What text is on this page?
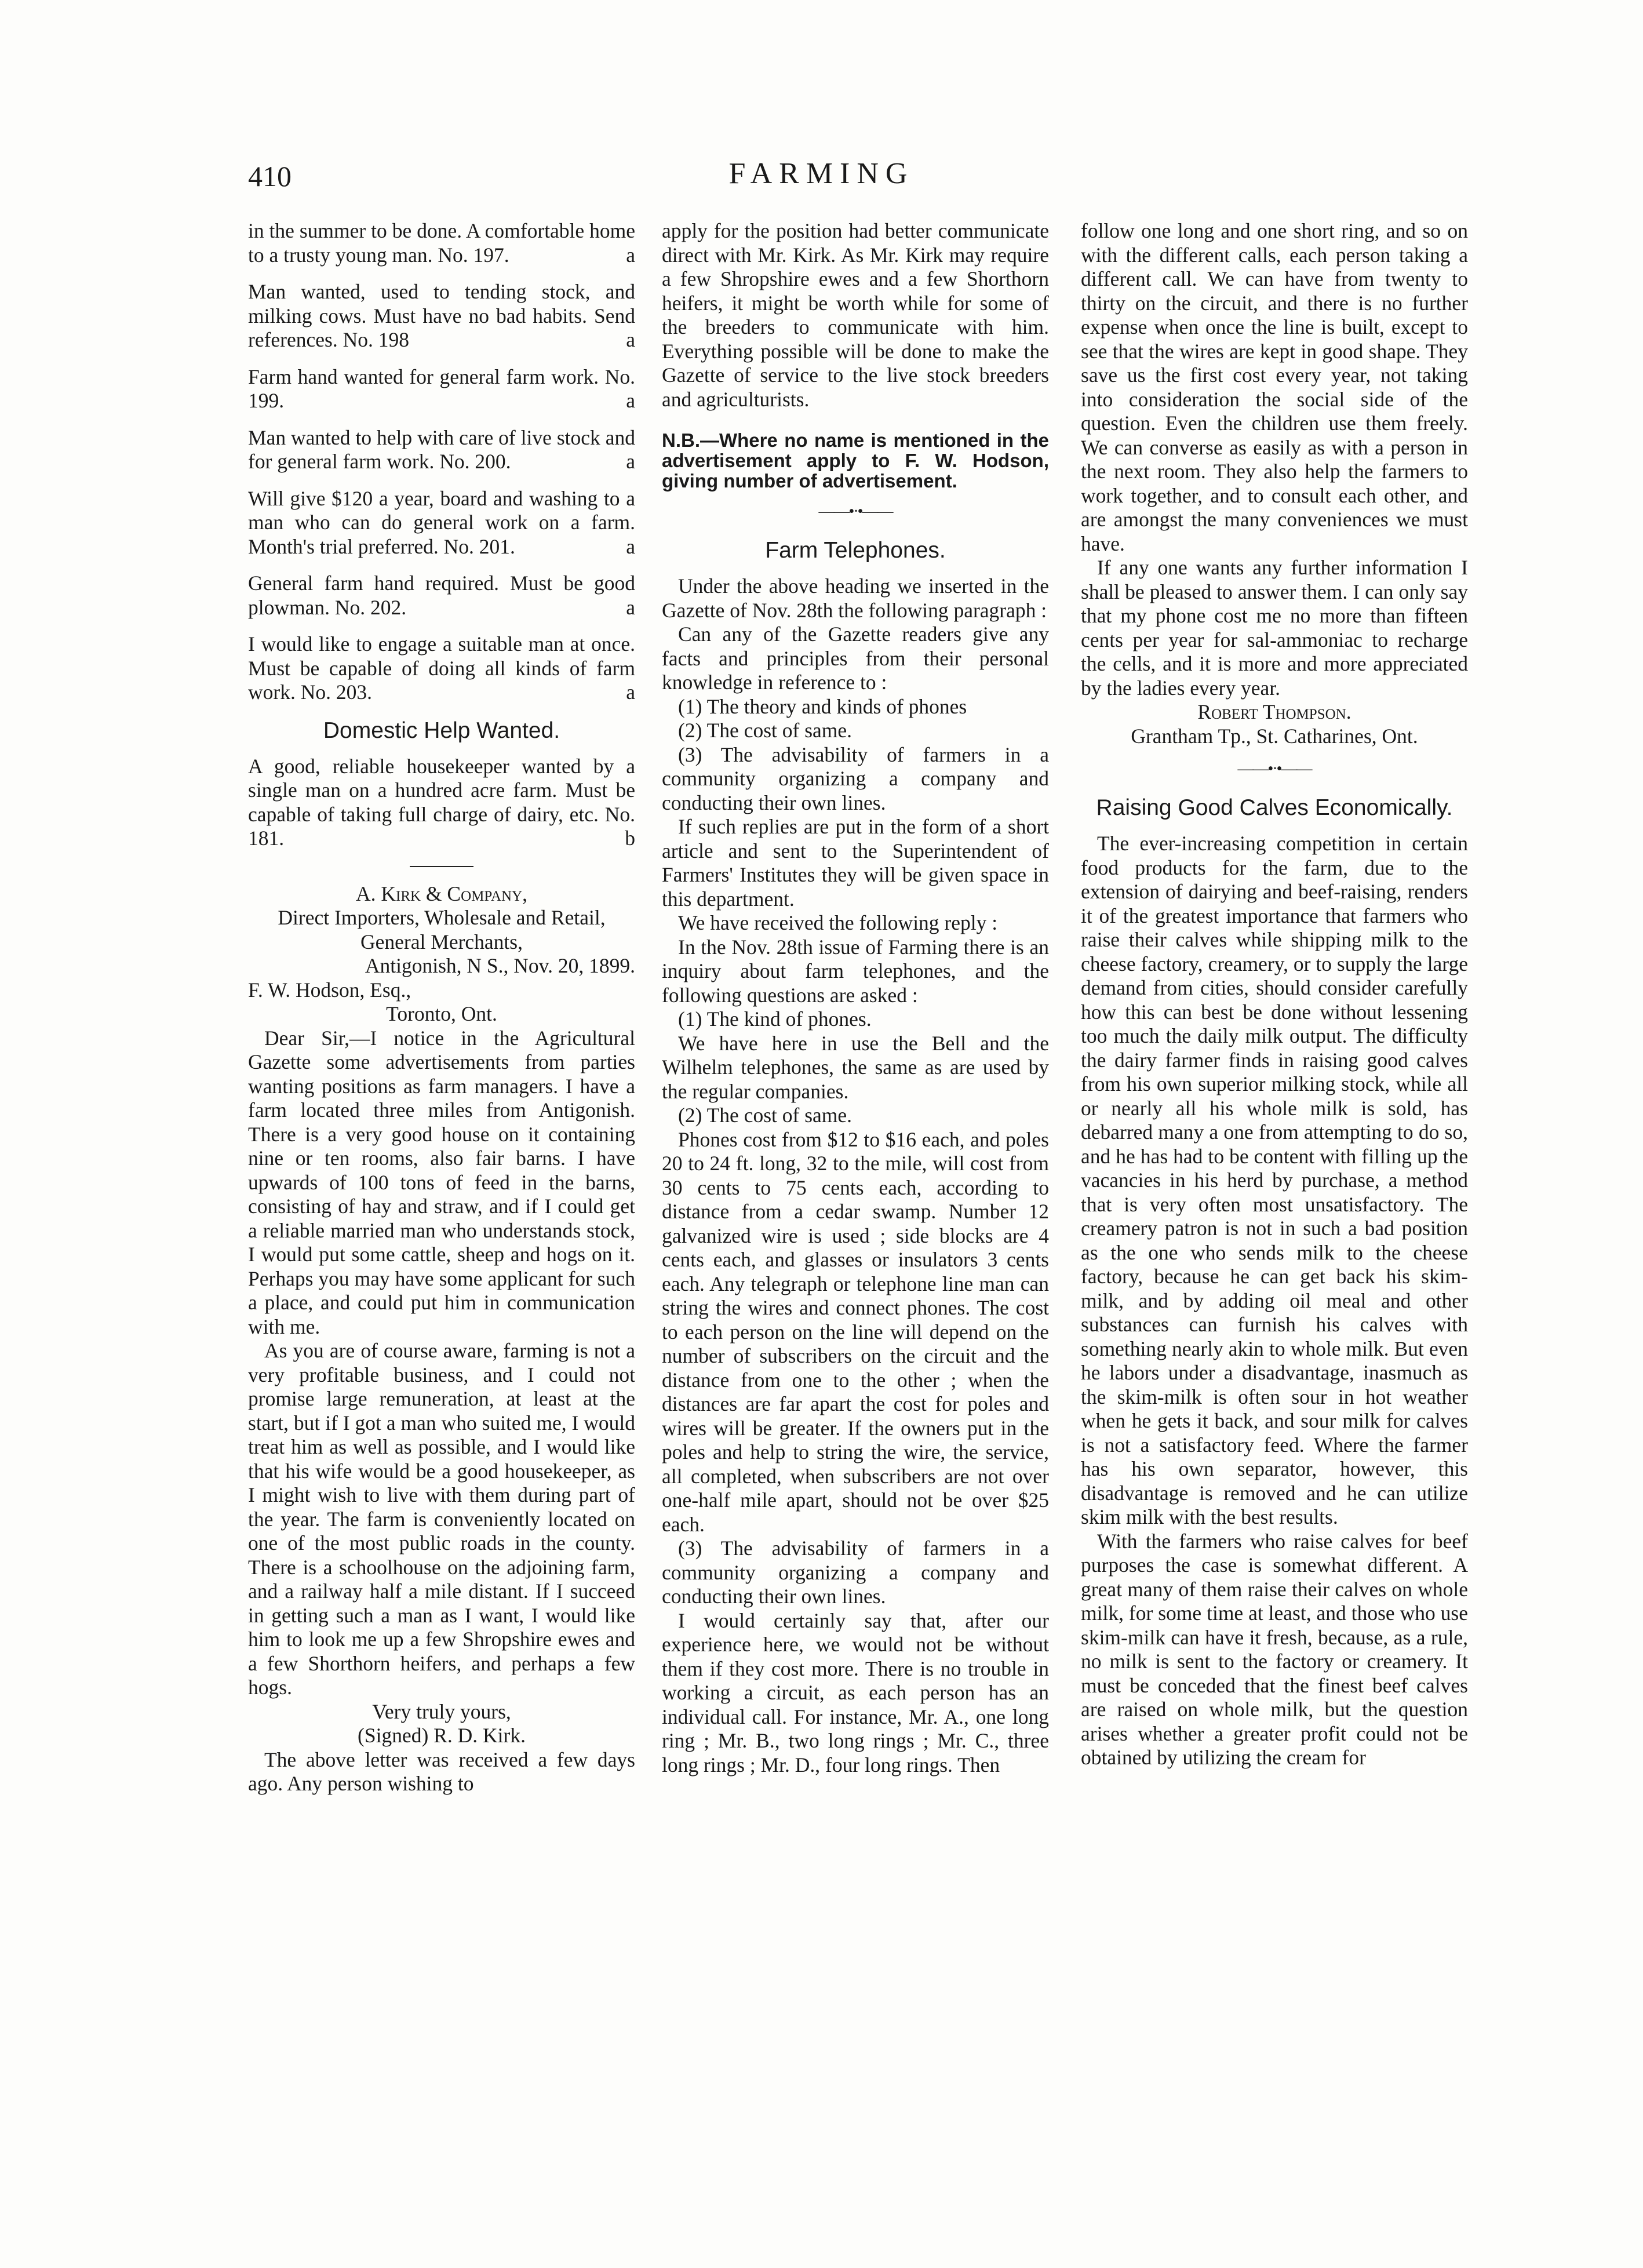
410	FARMING

in the summer to be done. A comfortable home to a trusty young man. No. 197.	a

Man wanted, used to tending stock, and milking cows. Must have no bad habits. Send references. No. 198	a

Farm hand wanted for general farm work. No. 199.	a

Man wanted to help with care of live stock and for general farm work. No. 200.	a

Will give $120 a year, board and washing to a man who can do general work on a farm. Month's trial preferred. No. 201.	a

General farm hand required. Must be good plowman. No. 202.	a

I would like to engage a suitable man at once. Must be capable of doing all kinds of farm work. No. 203.	a

Domestic Help Wanted.

A good, reliable housekeeper wanted by a single man on a hundred acre farm. Must be capable of taking full charge of dairy, etc. No. 181.	b

A. Kirk & Company,

Direct Importers, Wholesale and Retail, General Merchants,

Antigonish, N S., Nov. 20, 1899.

F. W. Hodson, Esq.,

Toronto, Ont.

Dear Sir,—I notice in the Agricultural Gazette some advertisements from parties wanting positions as farm managers. I have a farm located three miles from Antigonish. There is a very good house on it containing nine or ten rooms, also fair barns. I have upwards of 100 tons of feed in the barns, consisting of hay and straw, and if I could get a reliable married man who understands stock, I would put some cattle, sheep and hogs on it. Perhaps you may have some applicant for such a place, and could put him in communication with me.

As you are of course aware, farming is not a very profitable business, and I could not promise large remuneration, at least at the start, but if I got a man who suited me, I would treat him as well as possible, and I would like that his wife would be a good housekeeper, as I might wish to live with them during part of the year. The farm is conveniently located on one of the most public roads in the county. There is a schoolhouse on the adjoining farm, and a railway half a mile distant. If I succeed in getting such a man as I want, I would like him to look me up a few Shropshire ewes and a few Shorthorn heifers, and perhaps a few hogs.

Very truly yours,

(Signed) R. D. Kirk.

The above letter was received a few days ago. Any person wishing to

apply for the position had better communicate direct with Mr. Kirk. As Mr. Kirk may require a few Shropshire ewes and a few Shorthorn heifers, it might be worth while for some of the breeders to communicate with him. Everything possible will be done to make the Gazette of service to the live stock breeders and agriculturists.

N.B.—Where no name is mentioned in the advertisement apply to F. W. Hodson, giving number of advertisement.

——•·•——
Farm Telephones.

Under the above heading we inserted in the Gazette of Nov. 28th the following paragraph :

Can any of the Gazette readers give any facts and principles from their personal knowledge in reference to :

(1) The theory and kinds of phones

(2) The cost of same.

(3) The advisability of farmers in a community organizing a company and conducting their own lines.

If such replies are put in the form of a short article and sent to the Superintendent of Farmers' Institutes they will be given space in this department.

We have received the following reply :

In the Nov. 28th issue of Farming there is an inquiry about farm telephones, and the following questions are asked :

(1) The kind of phones.

We have here in use the Bell and the Wilhelm telephones, the same as are used by the regular companies.

(2) The cost of same.

Phones cost from $12 to $16 each, and poles 20 to 24 ft. long, 32 to the mile, will cost from 30 cents to 75 cents each, according to distance from a cedar swamp. Number 12 galvanized wire is used ; side blocks are 4 cents each, and glasses or insulators 3 cents each. Any telegraph or telephone line man can string the wires and connect phones. The cost to each person on the line will depend on the number of subscribers on the circuit and the distance from one to the other ; when the distances are far apart the cost for poles and wires will be greater. If the owners put in the poles and help to string the wire, the service, all completed, when subscribers are not over one-half mile apart, should not be over $25 each.

(3) The advisability of farmers in a community organizing a company and conducting their own lines.

I would certainly say that, after our experience here, we would not be without them if they cost more. There is no trouble in working a circuit, as each person has an individual call. For instance, Mr. A., one long ring ; Mr. B., two long rings ; Mr. C., three long rings ; Mr. D., four long rings. Then

follow one long and one short ring, and so on with the different calls, each person taking a different call. We can have from twenty to thirty on the circuit, and there is no further expense when once the line is built, except to see that the wires are kept in good shape. They save us the first cost every year, not taking into consideration the social side of the question. Even the children use them freely. We can converse as easily as with a person in the next room. They also help the farmers to work together, and to consult each other, and are amongst the many conveniences we must have.

If any one wants any further information I shall be pleased to answer them. I can only say that my phone cost me no more than fifteen cents per year for sal-ammoniac to recharge the cells, and it is more and more appreciated by the ladies every year.

Robert Thompson.

Grantham Tp., St. Catharines, Ont.

——•·•——
Raising Good Calves Economically.

The ever-increasing competition in certain food products for the farm, due to the extension of dairying and beef-raising, renders it of the greatest importance that farmers who raise their calves while shipping milk to the cheese factory, creamery, or to supply the large demand from cities, should consider carefully how this can best be done without lessening too much the daily milk output. The difficulty the dairy farmer finds in raising good calves from his own superior milking stock, while all or nearly all his whole milk is sold, has debarred many a one from attempting to do so, and he has had to be content with filling up the vacancies in his herd by purchase, a method that is very often most unsatisfactory. The creamery patron is not in such a bad position as the one who sends milk to the cheese factory, because he can get back his skim-milk, and by adding oil meal and other substances can furnish his calves with something nearly akin to whole milk. But even he labors under a disadvantage, inasmuch as the skim-milk is often sour in hot weather when he gets it back, and sour milk for calves is not a satisfactory feed. Where the farmer has his own separator, however, this disadvantage is removed and he can utilize skim milk with the best results.

With the farmers who raise calves for beef purposes the case is somewhat different. A great many of them raise their calves on whole milk, for some time at least, and those who use skim-milk can have it fresh, because, as a rule, no milk is sent to the factory or creamery. It must be conceded that the finest beef calves are raised on whole milk, but the question arises whether a greater profit could not be obtained by utilizing the cream for
